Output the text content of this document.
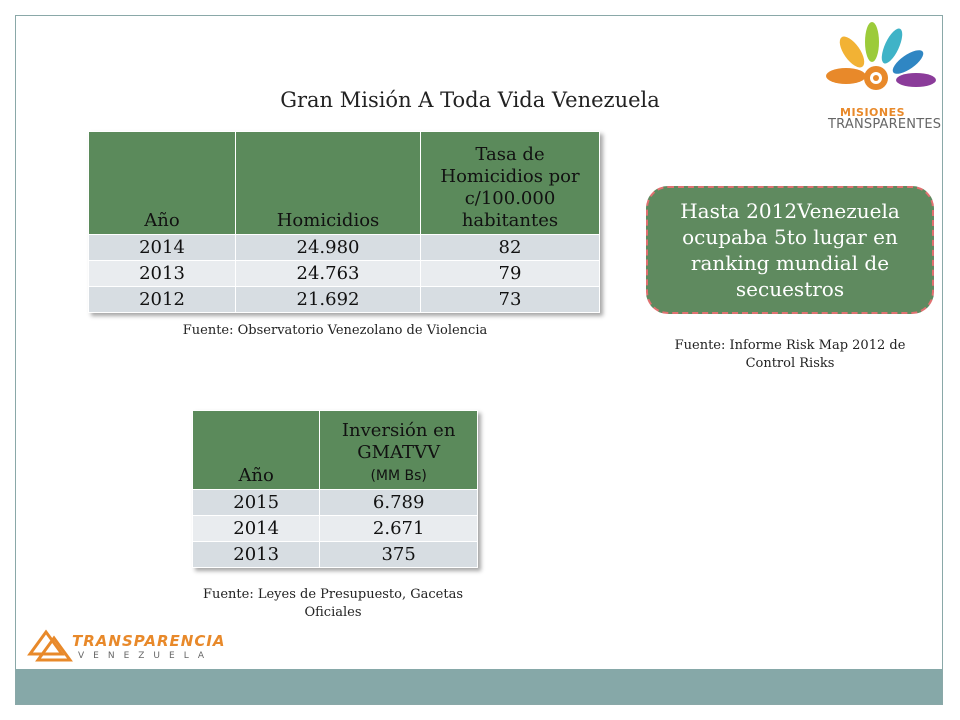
Gran Misión A Toda Vida Venezuela
MISIONES
TRANSPARENTES
Año	Homicidios	Tasa de Homicidios por c/100.000 habitantes
2014	24.980	82
2013	24.763	79
2012	21.692	73
Fuente: Observatorio Venezolano de Violencia
Hasta 2012Venezuela ocupaba 5to lugar en ranking mundial de secuestros
Fuente: Informe Risk Map 2012 de Control Risks
Año	Inversión en GMATVV
(MM Bs)
2015	6.789
2014	2.671
2013	375
Fuente: Leyes de Presupuesto, Gacetas Oficiales
TRANSPARENCIA
VENEZUELA
